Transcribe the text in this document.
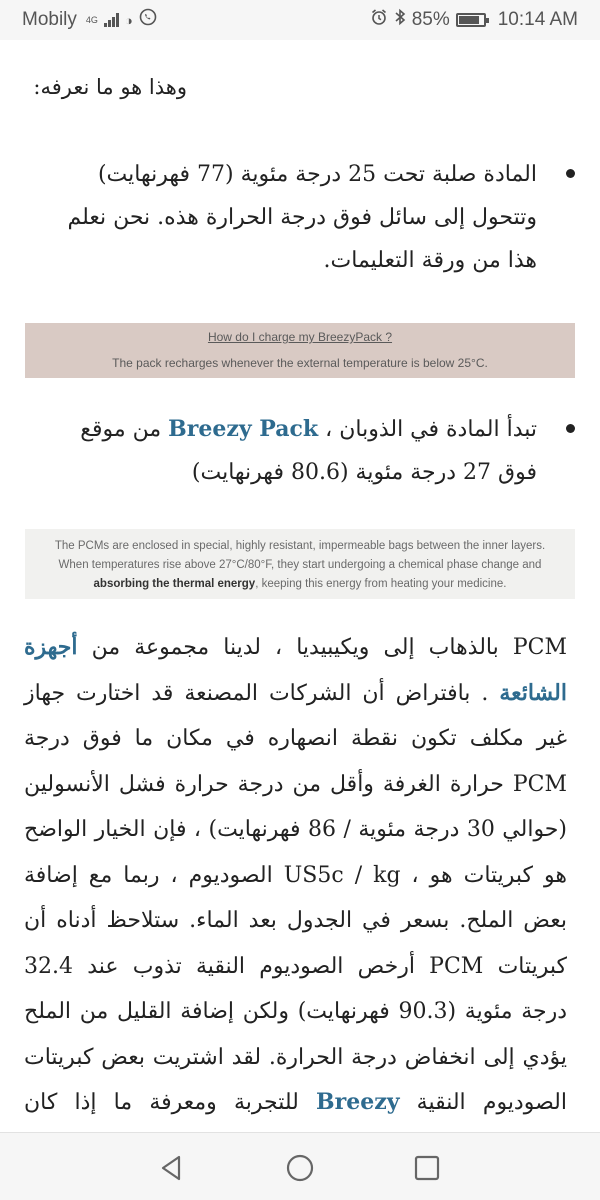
Mobily 4G ◑	85%	10:14 AM
وهذا هو ما نعرفه:
المادة صلبة تحت 25 درجة مئوية (77 فهرنهايت) وتتحول إلى سائل فوق درجة الحرارة هذه. نحن نعلم هذا من ورقة التعليمات.
How do I charge my BreezyPack ?
The pack recharges whenever the external temperature is below 25°C.
تبدأ المادة في الذوبان ، Breezy Pack من موقع فوق 27 درجة مئوية (80.6 فهرنهايت)
The PCMs are enclosed in special, highly resistant, impermeable bags between the inner layers.
When temperatures rise above 27°C/80°F, they start undergoing a chemical phase change and
absorbing the thermal energy, keeping this energy from heating your medicine.
PCM بالذهاب إلى ويكيبيديا ، لدينا مجموعة من أجهزة الشائعة . بافتراض أن الشركات المصنعة قد اختارت جهاز غير مكلف تكون نقطة انصهاره في مكان ما فوق درجة PCM حرارة الغرفة وأقل من درجة حرارة فشل الأنسولين (حوالي 30 درجة مئوية / 86 فهرنهايت) ، فإن الخيار الواضح هو كبريتات هو ، US5c / kg الصوديوم ، ربما مع إضافة بعض الملح. بسعر في الجدول بعد الماء. ستلاحظ أدناه أن كبريتات PCM أرخص الصوديوم النقية تذوب عند 32.4 درجة مئوية (90.3 فهرنهايت) ولكن إضافة القليل من الملح يؤدي إلى انخفاض درجة الحرارة. لقد اشتريت بعض كبريتات الصوديوم النقية Breezy للتجربة ومعرفة ما إذا كان
